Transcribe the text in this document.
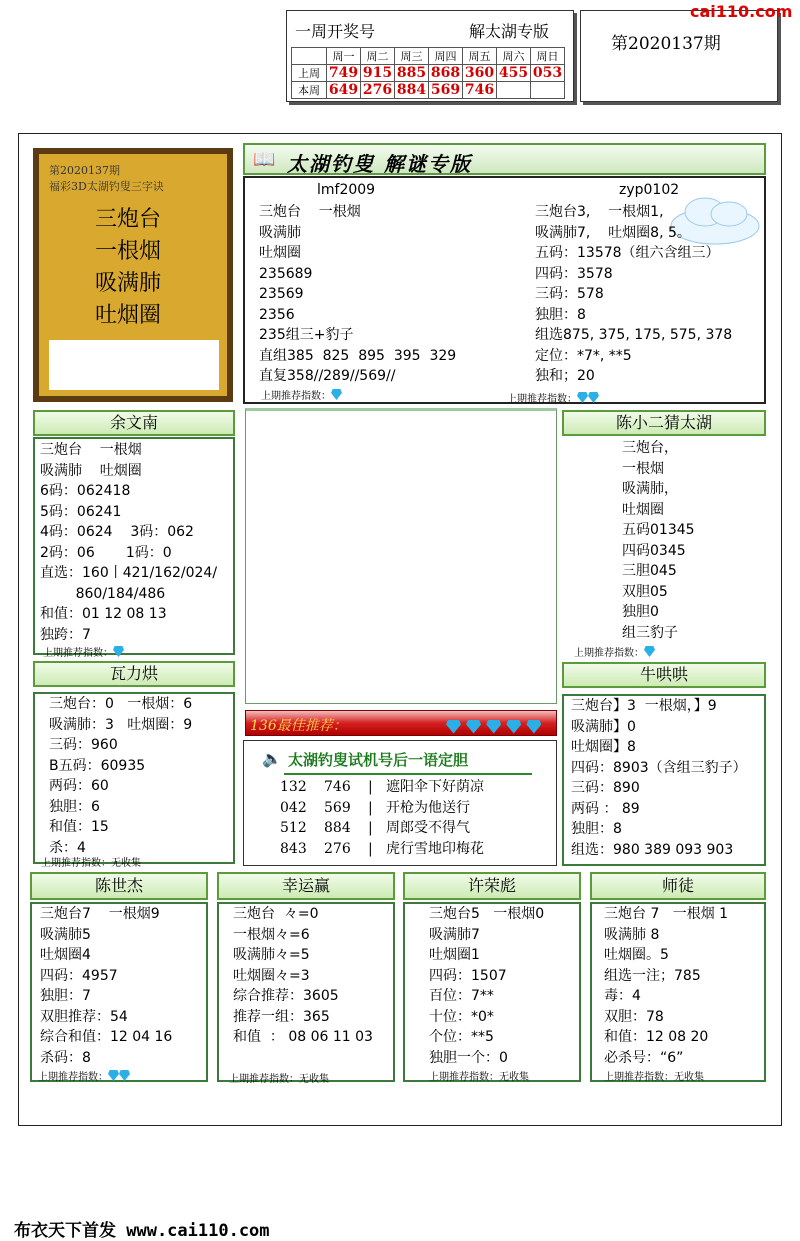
一周开奖号	解太湖专版
	周一	周二	周三	周四	周五	周六	周日
上周	749	915	885	868	360	455	053
本周	649	276	884	569	746		
第2020137期
cai110.com
第2020137期
福彩3D太湖钓叟三字诀
三炮台
一根烟
吸满肺
吐烟圈
📖 太湖钓叟 解谜专版
lmf2009	zyp0102
三炮台    一根烟
吸满肺
吐烟圈
235689
23569
2356
235组三+豹子
直组385  825  895  395  329
直复358//289//569//
上期推荐指数：
三炮台3,    一根烟1,
吸满肺7,    吐烟圈8, 5。
五码：13578（组六含组三）
四码：3578
三码：578
独胆：8
组选875, 375, 175, 575, 378
定位：*7*, **5
独和；20
上期推荐指数：
余文南
三炮台    一根烟
吸满肺    吐烟圈
6码：062418
5码：06241
4码：0624    3码：062
2码：06       1码：0
直选：160丨421/162/024/
860/184/486
和值：01 12 08 13
独跨：7
上期推荐指数：
陈小二猜太湖
三炮台，
一根烟
吸满肺，
吐烟圈
五码01345
四码0345
三胆045
双胆05
独胆0
组三豹子
上期推荐指数：
瓦力烘
三炮台：0   一根烟：6
吸满肺：3   吐烟圈：9
三码：960
B五码：60935
两码：60
独胆：6
和值：15
杀：4
上期推荐指数：无收集
136最佳推荐：

🔈 太湖钓叟试机号后一语定胆
132 746 | 遮阳伞下好荫凉
042 569 | 开枪为他送行
512 884 | 周郎受不得气
843 276 | 虎行雪地印梅花
牛哄哄
三炮台】3  一根烟，】9
吸满肺】0
吐烟圈】8
四码：8903（含组三豹子）
三码：890
两码 ： 89
独胆：8
组选：980 389 093 903
陈世杰
三炮台7    一根烟9
吸满肺5
吐烟圈4
四码：4957
独胆：7
双胆推荐：54
综合和值：12 04 16
杀码：8
上期推荐指数：
幸运赢
三炮台  々=0
一根烟々=6
吸满肺々=5
吐烟圈々=3
综合推荐：3605
推荐一组：365
和值  ： 08 06 11 03
上期推荐指数：无收集
许荣彪
三炮台5   一根烟0
吸满肺7
吐烟圈1
四码：1507
百位：7**
十位：*0*
个位：**5
独胆一个：0
上期推荐指数：无收集
师徒
三炮台 7   一根烟 1
吸满肺 8
吐烟圈。5
组选一注；785
毒：4
双胆：78
和值：12 08 20
必杀号：“6”
上期推荐指数：无收集
布衣天下首发 www.cai110.com
